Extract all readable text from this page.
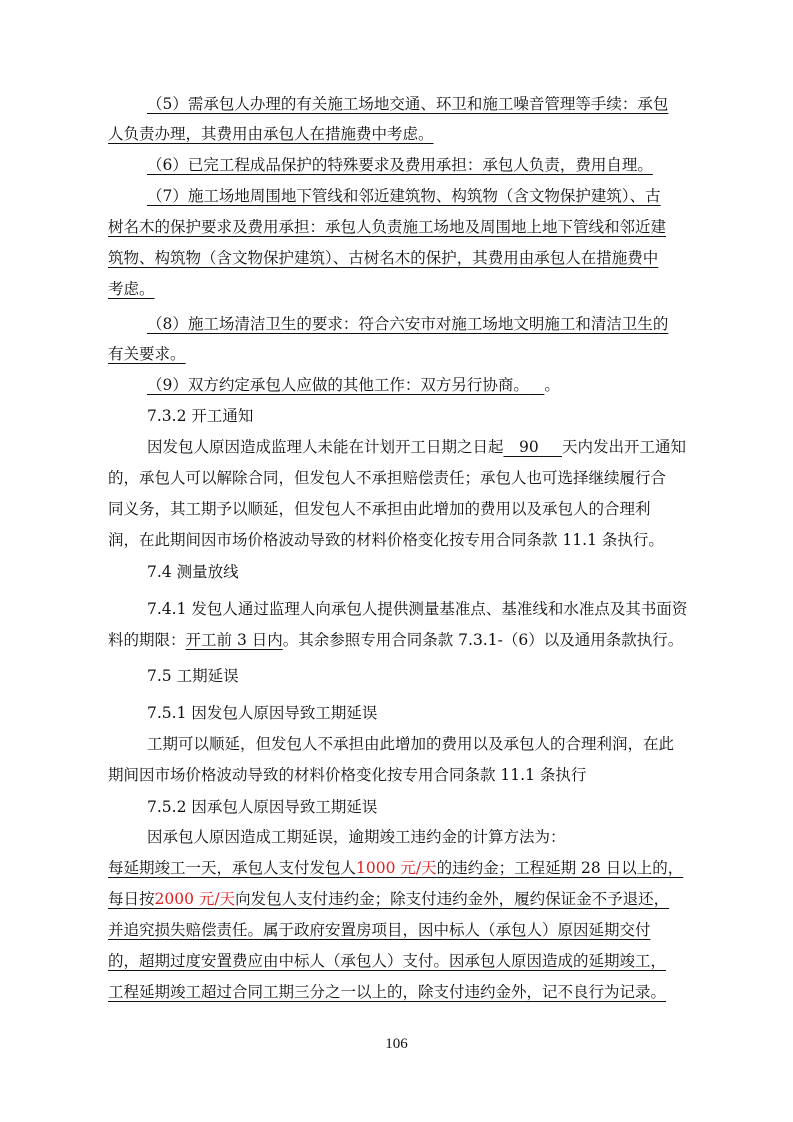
（5）需承包人办理的有关施工场地交通、环卫和施工噪音管理等手续：承包
人负责办理，其费用由承包人在措施费中考虑。
（6）已完工程成品保护的特殊要求及费用承担：承包人负责，费用自理。
（7）施工场地周围地下管线和邻近建筑物、构筑物（含文物保护建筑）、古
树名木的保护要求及费用承担：承包人负责施工场地及周围地上地下管线和邻近建
筑物、构筑物（含文物保护建筑）、古树名木的保护，其费用由承包人在措施费中
考虑。
（8）施工场清洁卫生的要求：符合六安市对施工场地文明施工和清洁卫生的
有关要求。
（9）双方约定承包人应做的其他工作：双方另行协商。  。
7.3.2 开工通知
因发包人原因造成监理人未能在计划开工日期之日起   90   天内发出开工通知
的，承包人可以解除合同，但发包人不承担赔偿责任；承包人也可选择继续履行合
同义务，其工期予以顺延，但发包人不承担由此增加的费用以及承包人的合理利
润，在此期间因市场价格波动导致的材料价格变化按专用合同条款 11.1 条执行。
7.4 测量放线
7.4.1 发包人通过监理人向承包人提供测量基准点、基准线和水准点及其书面资
料的期限：开工前 3 日内。其余参照专用合同条款 7.3.1-（6）以及通用条款执行。
7.5 工期延误
7.5.1 因发包人原因导致工期延误
工期可以顺延，但发包人不承担由此增加的费用以及承包人的合理利润，在此
期间因市场价格波动导致的材料价格变化按专用合同条款 11.1 条执行
7.5.2 因承包人原因导致工期延误
因承包人原因造成工期延误，逾期竣工违约金的计算方法为：
每延期竣工一天，承包人支付发包人1000 元/天的违约金；工程延期 28 日以上的，
每日按2000 元/天向发包人支付违约金；除支付违约金外，履约保证金不予退还，
并追究损失赔偿责任。属于政府安置房项目，因中标人（承包人）原因延期交付
的，超期过度安置费应由中标人（承包人）支付。因承包人原因造成的延期竣工，
工程延期竣工超过合同工期三分之一以上的，除支付违约金外，记不良行为记录。
106
